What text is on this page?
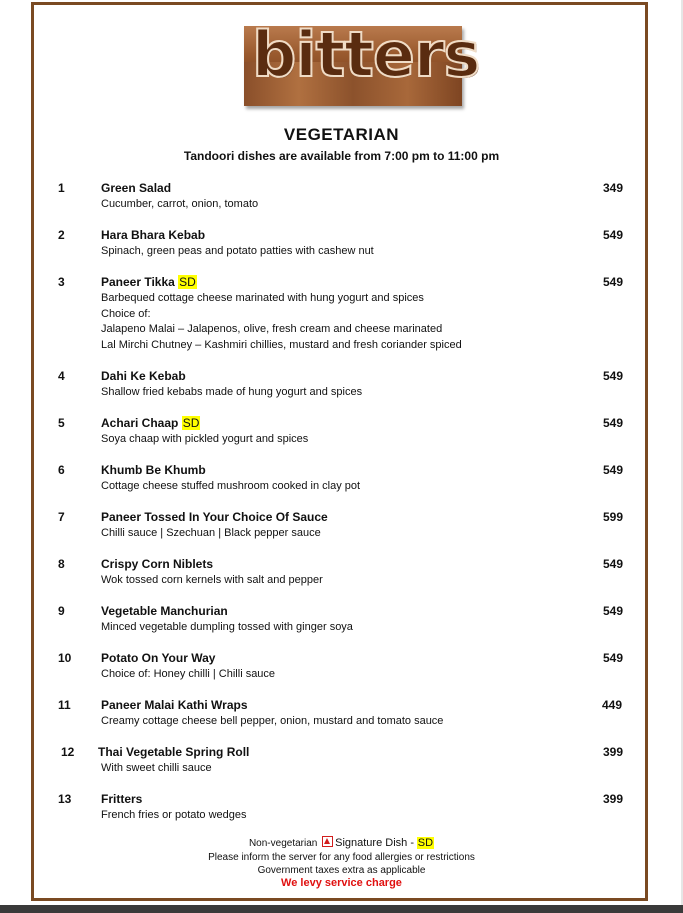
bitters
VEGETARIAN
Tandoori dishes are available from 7:00 pm to 11:00 pm
1	Green Salad	349
Cucumber, carrot, onion, tomato
2	Hara Bhara Kebab	549
Spinach, green peas and potato patties with cashew nut
3	Paneer Tikka SD	549
Barbequed cottage cheese marinated with hung yogurt and spices
Choice of:
Jalapeno Malai – Jalapenos, olive, fresh cream and cheese marinated
Lal Mirchi Chutney – Kashmiri chillies, mustard and fresh coriander spiced
4	Dahi Ke Kebab	549
Shallow fried kebabs made of hung yogurt and spices
5	Achari Chaap SD	549
Soya chaap with pickled yogurt and spices
6	Khumb Be Khumb	549
Cottage cheese stuffed mushroom cooked in clay pot
7	Paneer Tossed In Your Choice Of Sauce	599
Chilli sauce | Szechuan | Black pepper sauce
8	Crispy Corn Niblets	549
Wok tossed corn kernels with salt and pepper
9	Vegetable Manchurian	549
Minced vegetable dumpling tossed with ginger soya
10 Potato On Your Way	549
Choice of: Honey chilli | Chilli sauce
11	Paneer Malai Kathi Wraps	449
Creamy cottage cheese bell pepper, onion, mustard and tomato sauce
12 Thai Vegetable Spring Roll	399
With sweet chilli sauce
13 Fritters	399
French fries or potato wedges
Non-vegetarian Signature Dish - SD
Please inform the server for any food allergies or restrictions
Government taxes extra as applicable
We levy service charge
